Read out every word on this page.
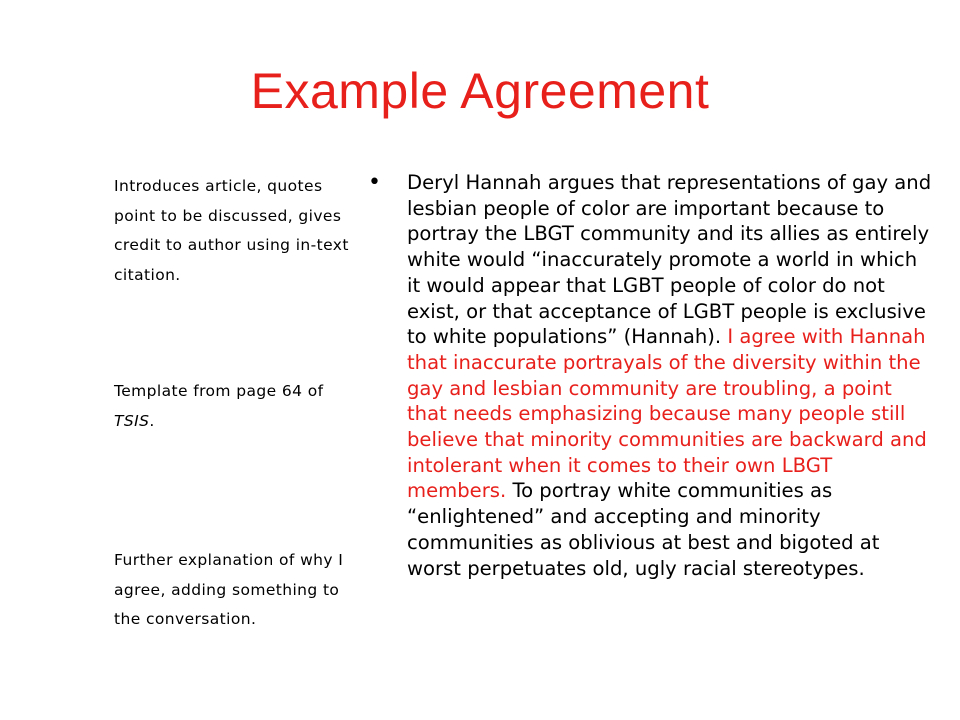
Example Agreement
Introduces article, quotes point to be discussed, gives credit to author using in-text citation.
Template from page 64 of TSIS.
Further explanation of why I agree, adding something to the conversation.
• Deryl Hannah argues that representations of gay and lesbian people of color are important because to portray the LBGT community and its allies as entirely white would “inaccurately promote a world in which it would appear that LGBT people of color do not exist, or that acceptance of LGBT people is exclusive to white populations” (Hannah). I agree with Hannah that inaccurate portrayals of the diversity within the gay and lesbian community are troubling, a point that needs emphasizing because many people still believe that minority communities are backward and intolerant when it comes to their own LBGT members. To portray white communities as “enlightened” and accepting and minority communities as oblivious at best and bigoted at worst perpetuates old, ugly racial stereotypes.
